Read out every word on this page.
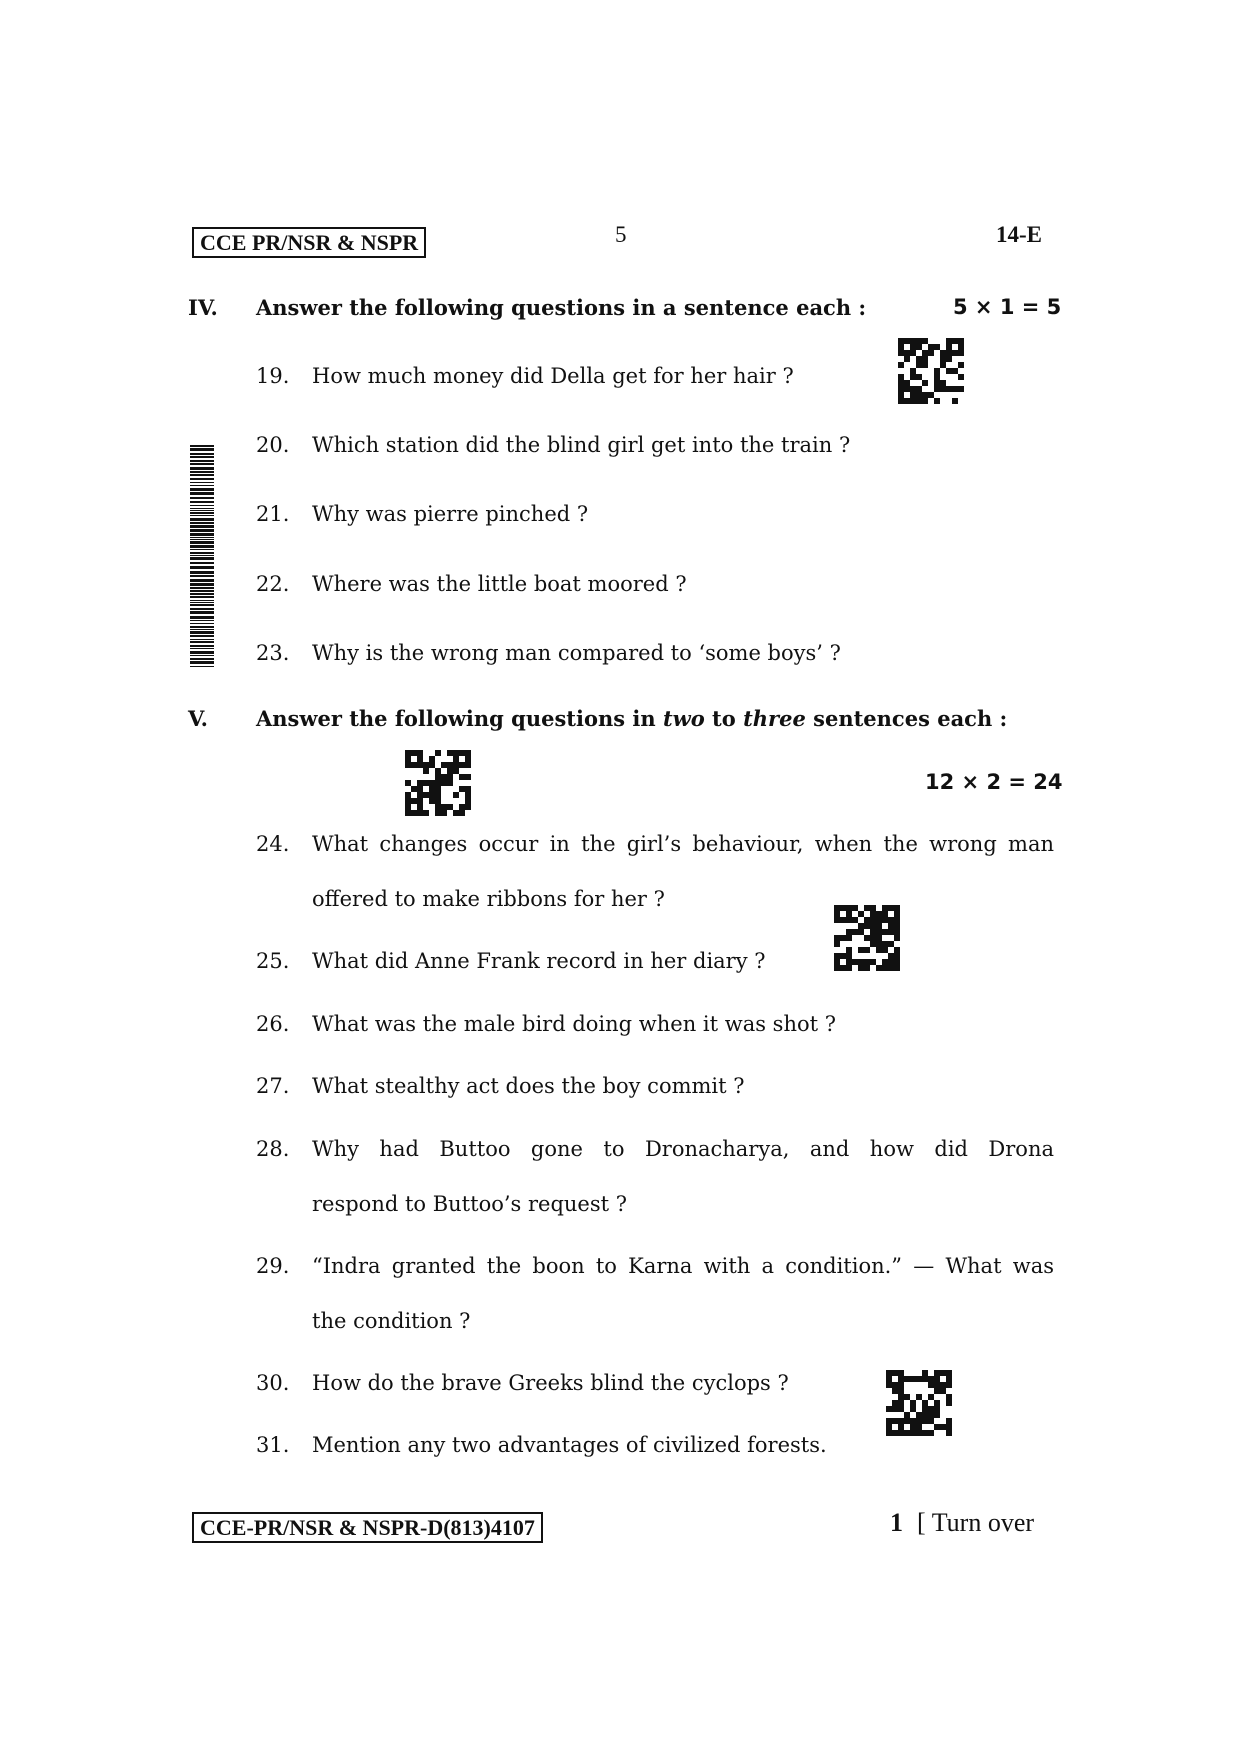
CCE PR/NSR & NSPR	5	14-E
IV. Answer the following questions in a sentence each :	5 × 1 = 5
19. How much money did Della get for her hair ?
20. Which station did the blind girl get into the train ?
21. Why was pierre pinched ?
22. Where was the little boat moored ?
23. Why is the wrong man compared to ‘some boys’ ?
V. Answer the following questions in two to three sentences each :
12 × 2 = 24
24. What changes occur in the girl’s behaviour, when the wrong man
offered to make ribbons for her ?
25. What did Anne Frank record in her diary ?
26. What was the male bird doing when it was shot ?
27. What stealthy act does the boy commit ?
28. Why had Buttoo gone to Dronacharya, and how did Drona
respond to Buttoo’s request ?
29. “Indra granted the boon to Karna with a condition.” — What was
the condition ?
30. How do the brave Greeks blind the cyclops ?
31. Mention any two advantages of civilized forests.
CCE-PR/NSR & NSPR-D(813)4107	1 [ Turn over
